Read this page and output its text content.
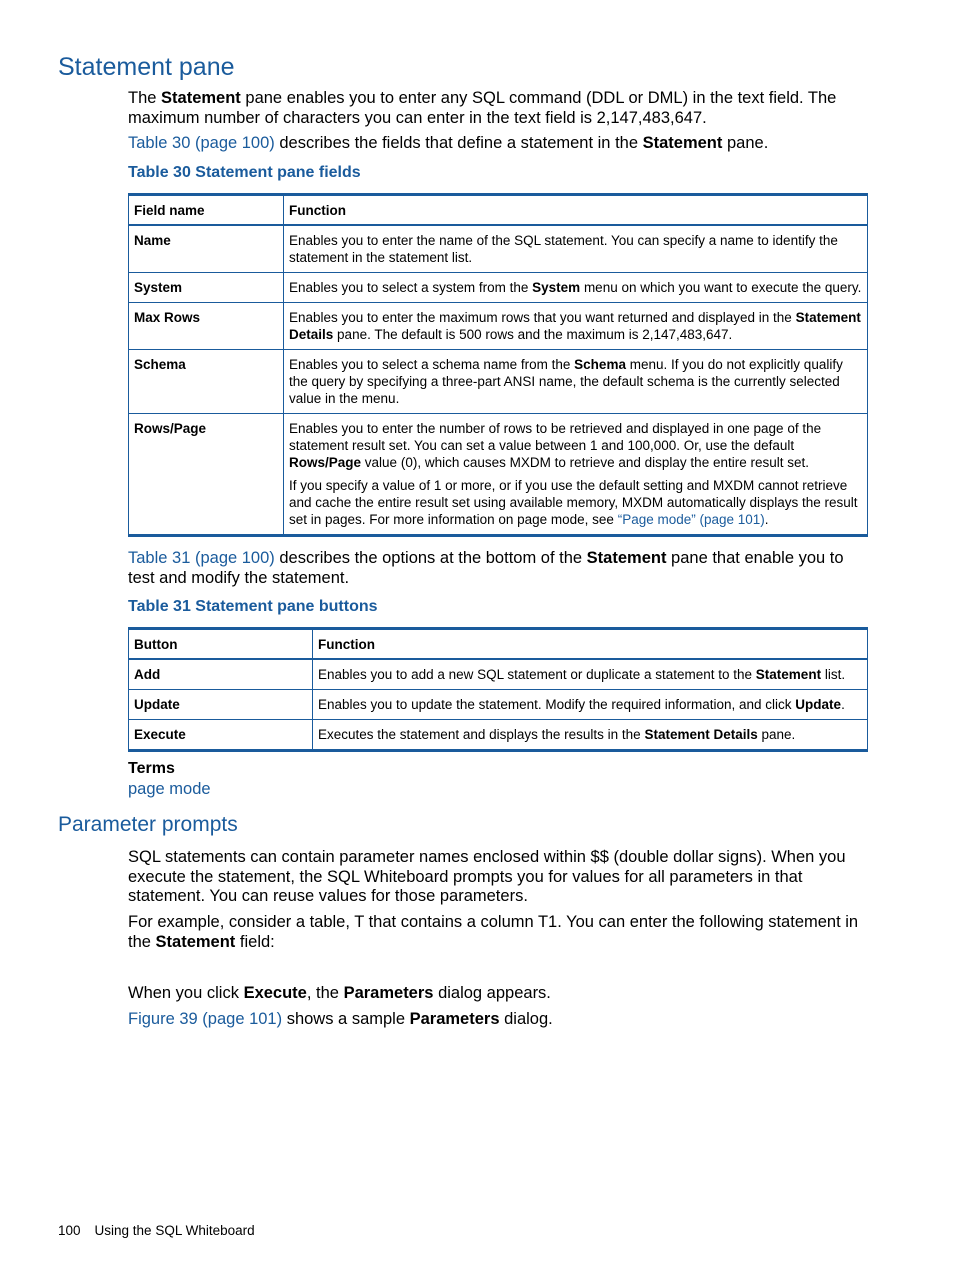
Statement pane

The Statement pane enables you to enter any SQL command (DDL or DML) in the text field. The maximum number of characters you can enter in the text field is 2,147,483,647.

Table 30 (page 100) describes the fields that define a statement in the Statement pane.

Table 30 Statement pane fields

Field name	Function
Name	Enables you to enter the name of the SQL statement. You can specify a name to identify the statement in the statement list.
System	Enables you to select a system from the System menu on which you want to execute the query.
Max Rows	Enables you to enter the maximum rows that you want returned and displayed in the Statement Details pane. The default is 500 rows and the maximum is 2,147,483,647.
Schema	Enables you to select a schema name from the Schema menu. If you do not explicitly qualify the query by specifying a three-part ANSI name, the default schema is the currently selected value in the menu.
Rows/Page	Enables you to enter the number of rows to be retrieved and displayed in one page of the statement result set. You can set a value between 1 and 100,000. Or, use the default Rows/Page value (0), which causes MXDM to retrieve and display the entire result set.

If you specify a value of 1 or more, or if you use the default setting and MXDM cannot retrieve and cache the entire result set using available memory, MXDM automatically displays the result set in pages. For more information on page mode, see “Page mode” (page 101).

Table 31 (page 100) describes the options at the bottom of the Statement pane that enable you to test and modify the statement.

Table 31 Statement pane buttons

Button	Function
Add	Enables you to add a new SQL statement or duplicate a statement to the Statement list.
Update	Enables you to update the statement. Modify the required information, and click Update.
Execute	Executes the statement and displays the results in the Statement Details pane.

Terms

page mode

Parameter prompts

SQL statements can contain parameter names enclosed within $$ (double dollar signs). When you execute the statement, the SQL Whiteboard prompts you for values for all parameters in that statement. You can reuse values for those parameters.

For example, consider a table, T that contains a column T1. You can enter the following statement in the Statement field:

When you click Execute, the Parameters dialog appears.

Figure 39 (page 101) shows a sample Parameters dialog.

100 Using the SQL Whiteboard
